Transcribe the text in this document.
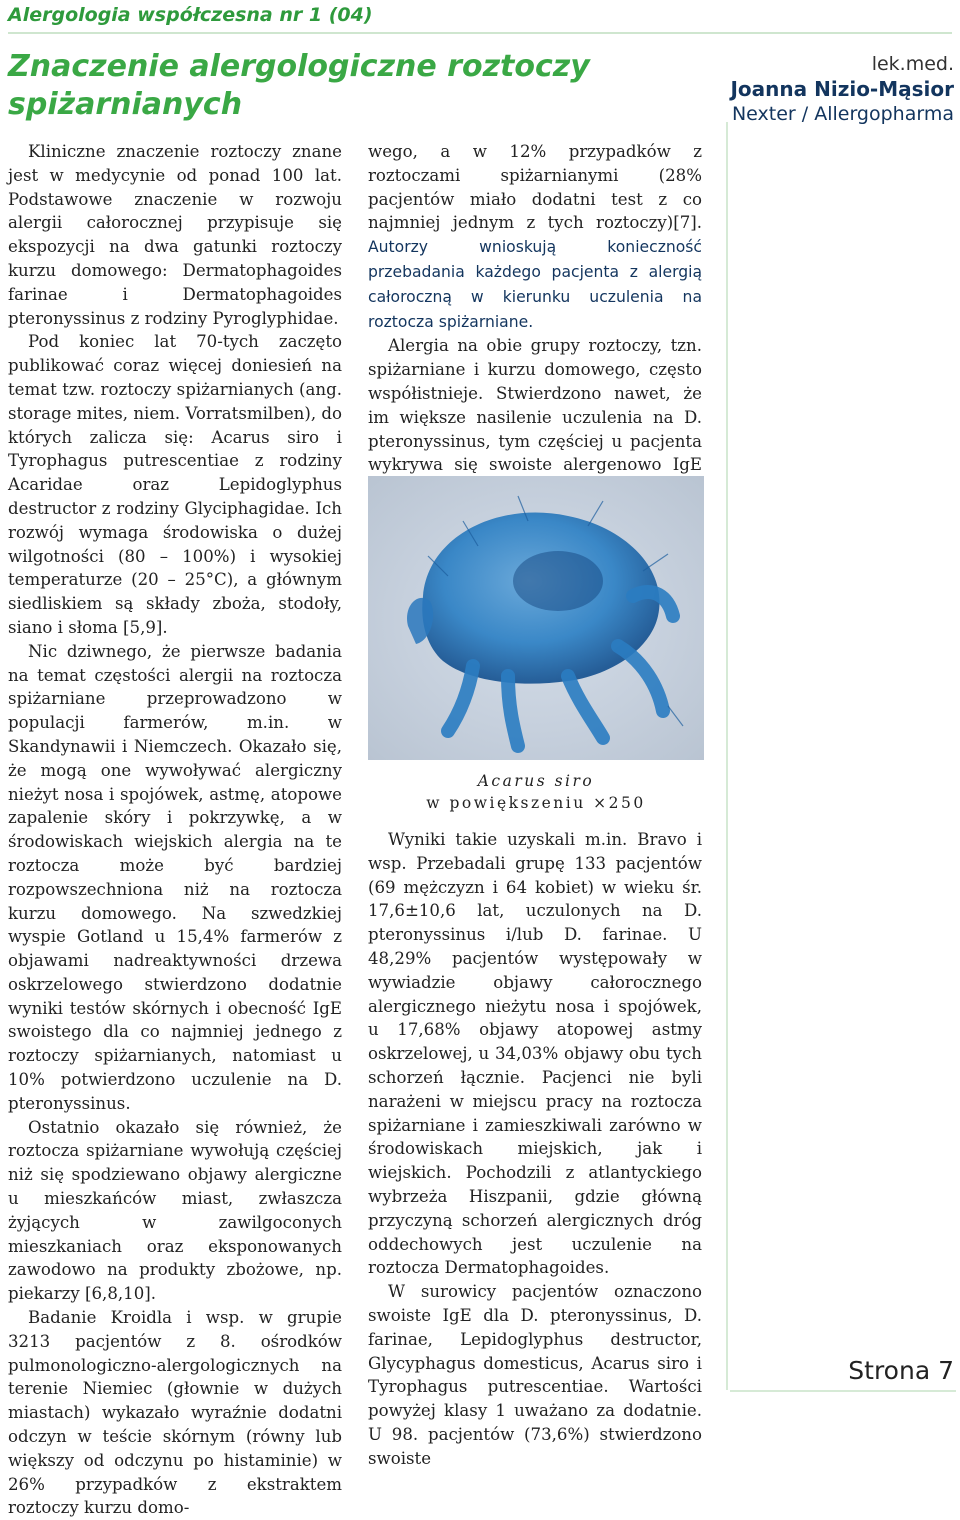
Alergologia współczesna nr 1 (04)
Znaczenie alergologiczne roztoczy spiżarnianych
lek.med.
Joanna Nizio-Mąsior
Nexter / Allergopharma

Kliniczne znaczenie roztoczy znane jest w medycynie od ponad 100 lat. Podstawowe znaczenie w rozwoju alergii całorocznej przypisuje się ekspozycji na dwa gatunki roztoczy kurzu domowego: Dermatophagoides farinae i Dermatophagoides pteronyssinus z rodziny Pyroglyphidae.

Pod koniec lat 70-tych zaczęto publikować coraz więcej doniesień na temat tzw. roztoczy spiżarnianych (ang. storage mites, niem. Vorratsmilben), do których zalicza się: Acarus siro i Tyrophagus putrescentiae z rodziny Acaridae oraz Lepidoglyphus destructor z rodziny Glyciphagidae. Ich rozwój wymaga środowiska o dużej wilgotności (80 – 100%) i wysokiej temperaturze (20 – 25°C), a głównym siedliskiem są składy zboża, stodoły, siano i słoma [5,9].

Nic dziwnego, że pierwsze badania na temat częstości alergii na roztocza spiżarniane przeprowadzono w populacji farmerów, m.in. w Skandynawii i Niemczech. Okazało się, że mogą one wywoływać alergiczny nieżyt nosa i spojówek, astmę, atopowe zapalenie skóry i pokrzywkę, a w środowiskach wiejskich alergia na te roztocza może być bardziej rozpowszechniona niż na roztocza kurzu domowego. Na szwedzkiej wyspie Gotland u 15,4% farmerów z objawami nadreaktywności drzewa oskrzelowego stwierdzono dodatnie wyniki testów skórnych i obecność IgE swoistego dla co najmniej jednego z roztoczy spiżarnianych, natomiast u 10% potwierdzono uczulenie na D. pteronyssinus.

Ostatnio okazało się również, że roztocza spiżarniane wywołują częściej niż się spodziewano objawy alergiczne u mieszkańców miast, zwłaszcza żyjących w zawilgoconych mieszkaniach oraz eksponowanych zawodowo na produkty zbożowe, np. piekarzy [6,8,10].

Badanie Kroidla i wsp. w grupie 3213 pacjentów z 8. ośrodków pulmonologiczno-alergologicznych na terenie Niemiec (głownie w dużych miastach) wykazało wyraźnie dodatni odczyn w teście skórnym (równy lub większy od odczynu po histaminie) w 26% przypadków z ekstraktem roztoczy kurzu domo-

wego, a w 12% przypadków z roztoczami spiżarnianymi (28% pacjentów miało dodatni test z co najmniej jednym z tych roztoczy)[7]. Autorzy wnioskują konieczność przebadania każdego pacjenta z alergią całoroczną w kierunku uczulenia na roztocza spiżarniane.

Alergia na obie grupy roztoczy, tzn. spiżarniane i kurzu domowego, często współistnieje. Stwierdzono nawet, że im większe nasilenie uczulenia na D. pteronyssinus, tym częściej u pacjenta wykrywa się swoiste alergenowo IgE

Acarus siro
w powiększeniu ×250

Wyniki takie uzyskali m.in. Bravo i wsp. Przebadali grupę 133 pacjentów (69 mężczyzn i 64 kobiet) w wieku śr. 17,6±10,6 lat, uczulonych na D. pteronyssinus i/lub D. farinae. U 48,29% pacjentów występowały w wywiadzie objawy całorocznego alergicznego nieżytu nosa i spojówek, u 17,68% objawy atopowej astmy oskrzelowej, u 34,03% objawy obu tych schorzeń łącznie. Pacjenci nie byli narażeni w miejscu pracy na roztocza spiżarniane i zamieszkiwali zarówno w środowiskach miejskich, jak i wiejskich. Pochodzili z atlantyckiego wybrzeża Hiszpanii, gdzie główną przyczyną schorzeń alergicznych dróg oddechowych jest uczulenie na roztocza Dermatophagoides.

W surowicy pacjentów oznaczono swoiste IgE dla D. pteronyssinus, D. farinae, Lepidoglyphus destructor, Glycyphagus domesticus, Acarus siro i Tyrophagus putrescentiae. Wartości powyżej klasy 1 uważano za dodatnie. U 98. pacjentów (73,6%) stwierdzono swoiste

Strona 7
